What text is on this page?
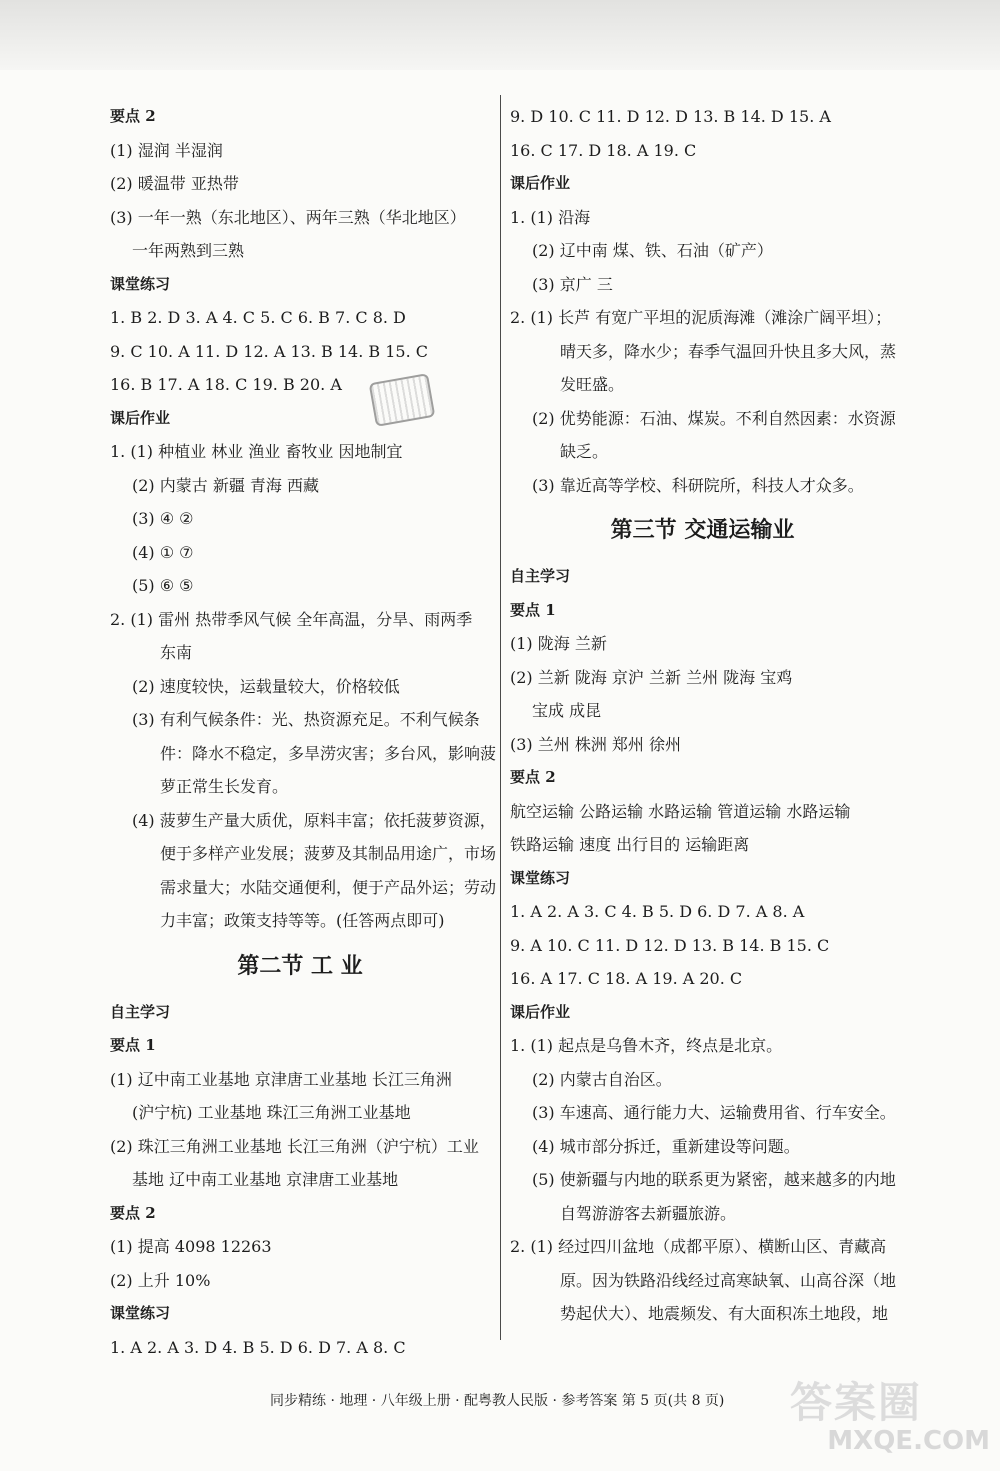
要点 2
(1) 湿润 半湿润
(2) 暖温带 亚热带
(3) 一年一熟（东北地区）、两年三熟（华北地区）
一年两熟到三熟
课堂练习
1. B 2. D 3. A 4. C 5. C 6. B 7. C 8. D
9. C 10. A 11. D 12. A 13. B 14. B 15. C
16. B 17. A 18. C 19. B 20. A
课后作业
1. (1) 种植业 林业 渔业 畜牧业 因地制宜
(2) 内蒙古 新疆 青海 西藏
(3) ④ ②
(4) ① ⑦
(5) ⑥ ⑤
2. (1) 雷州 热带季风气候 全年高温，分旱、雨两季
东南
(2) 速度较快，运载量较大，价格较低
(3) 有利气候条件：光、热资源充足。不利气候条
件：降水不稳定，多旱涝灾害；多台风，影响菠
萝正常生长发育。
(4) 菠萝生产量大质优，原料丰富；依托菠萝资源，
便于多样产业发展；菠萝及其制品用途广，市场
需求量大；水陆交通便利，便于产品外运；劳动
力丰富；政策支持等等。(任答两点即可)
第二节 工 业
自主学习
要点 1
(1) 辽中南工业基地 京津唐工业基地 长江三角洲
(沪宁杭) 工业基地 珠江三角洲工业基地
(2) 珠江三角洲工业基地 长江三角洲（沪宁杭）工业
基地 辽中南工业基地 京津唐工业基地
要点 2
(1) 提高 4098 12263
(2) 上升 10%
课堂练习
1. A 2. A 3. D 4. B 5. D 6. D 7. A 8. C
9. D 10. C 11. D 12. D 13. B 14. D 15. A
16. C 17. D 18. A 19. C
课后作业
1. (1) 沿海
(2) 辽中南 煤、铁、石油（矿产）
(3) 京广 三
2. (1) 长芦 有宽广平坦的泥质海滩（滩涂广阔平坦）；
晴天多，降水少；春季气温回升快且多大风，蒸
发旺盛。
(2) 优势能源：石油、煤炭。不利自然因素：水资源
缺乏。
(3) 靠近高等学校、科研院所，科技人才众多。
第三节 交通运输业
自主学习
要点 1
(1) 陇海 兰新
(2) 兰新 陇海 京沪 兰新 兰州 陇海 宝鸡
宝成 成昆
(3) 兰州 株洲 郑州 徐州
要点 2
航空运输 公路运输 水路运输 管道运输 水路运输
铁路运输 速度 出行目的 运输距离
课堂练习
1. A 2. A 3. C 4. B 5. D 6. D 7. A 8. A
9. A 10. C 11. D 12. D 13. B 14. B 15. C
16. A 17. C 18. A 19. A 20. C
课后作业
1. (1) 起点是乌鲁木齐，终点是北京。
(2) 内蒙古自治区。
(3) 车速高、通行能力大、运输费用省、行车安全。
(4) 城市部分拆迁，重新建设等问题。
(5) 使新疆与内地的联系更为紧密，越来越多的内地
自驾游游客去新疆旅游。
2. (1) 经过四川盆地（成都平原）、横断山区、青藏高
原。因为铁路沿线经过高寒缺氧、山高谷深（地
势起伏大）、地震频发、有大面积冻土地段，地
同步精练 · 地理 · 八年级上册 · 配粤教人民版 · 参考答案 第 5 页(共 8 页) 答案圈
MXQE.COM
